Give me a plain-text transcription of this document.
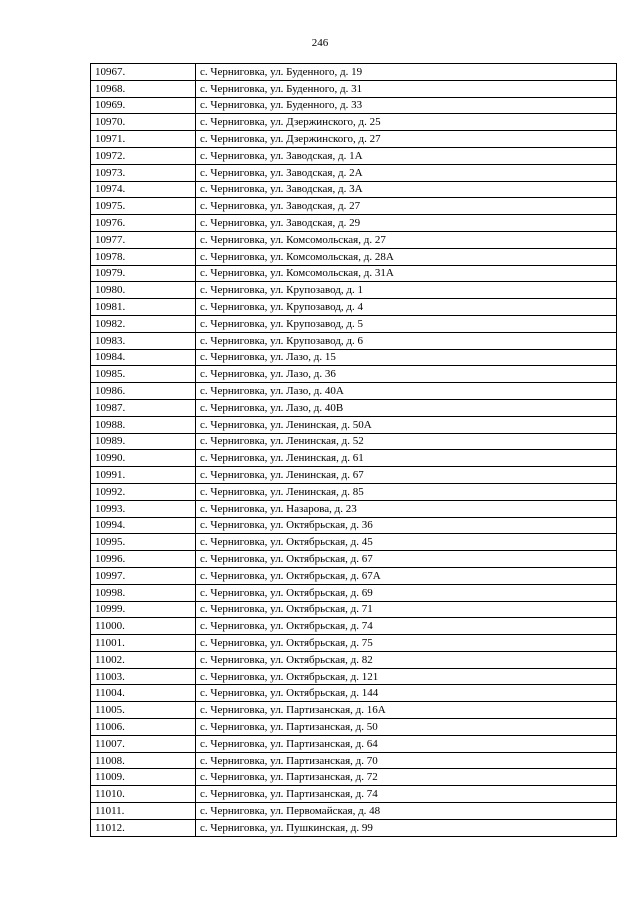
246
10967.	с. Черниговка, ул. Буденного, д. 19
10968.	с. Черниговка, ул. Буденного, д. 31
10969.	с. Черниговка, ул. Буденного, д. 33
10970.	с. Черниговка, ул. Дзержинского, д. 25
10971.	с. Черниговка, ул. Дзержинского, д. 27
10972.	с. Черниговка, ул. Заводская, д. 1А
10973.	с. Черниговка, ул. Заводская, д. 2А
10974.	с. Черниговка, ул. Заводская, д. 3А
10975.	с. Черниговка, ул. Заводская, д. 27
10976.	с. Черниговка, ул. Заводская, д. 29
10977.	с. Черниговка, ул. Комсомольская, д. 27
10978.	с. Черниговка, ул. Комсомольская, д. 28А
10979.	с. Черниговка, ул. Комсомольская, д. 31А
10980.	с. Черниговка, ул. Крупозавод, д. 1
10981.	с. Черниговка, ул. Крупозавод, д. 4
10982.	с. Черниговка, ул. Крупозавод, д. 5
10983.	с. Черниговка, ул. Крупозавод, д. 6
10984.	с. Черниговка, ул. Лазо, д. 15
10985.	с. Черниговка, ул. Лазо, д. 36
10986.	с. Черниговка, ул. Лазо, д. 40А
10987.	с. Черниговка, ул. Лазо, д. 40В
10988.	с. Черниговка, ул. Ленинская, д. 50А
10989.	с. Черниговка, ул. Ленинская, д. 52
10990.	с. Черниговка, ул. Ленинская, д. 61
10991.	с. Черниговка, ул. Ленинская, д. 67
10992.	с. Черниговка, ул. Ленинская, д. 85
10993.	с. Черниговка, ул. Назарова, д. 23
10994.	с. Черниговка, ул. Октябрьская, д. 36
10995.	с. Черниговка, ул. Октябрьская, д. 45
10996.	с. Черниговка, ул. Октябрьская, д. 67
10997.	с. Черниговка, ул. Октябрьская, д. 67А
10998.	с. Черниговка, ул. Октябрьская, д. 69
10999.	с. Черниговка, ул. Октябрьская, д. 71
11000.	с. Черниговка, ул. Октябрьская, д. 74
11001.	с. Черниговка, ул. Октябрьская, д. 75
11002.	с. Черниговка, ул. Октябрьская, д. 82
11003.	с. Черниговка, ул. Октябрьская, д. 121
11004.	с. Черниговка, ул. Октябрьская, д. 144
11005.	с. Черниговка, ул. Партизанская, д. 16А
11006.	с. Черниговка, ул. Партизанская, д. 50
11007.	с. Черниговка, ул. Партизанская, д. 64
11008.	с. Черниговка, ул. Партизанская, д. 70
11009.	с. Черниговка, ул. Партизанская, д. 72
11010.	с. Черниговка, ул. Партизанская, д. 74
11011.	с. Черниговка, ул. Первомайская, д. 48
11012.	с. Черниговка, ул. Пушкинская, д. 99
